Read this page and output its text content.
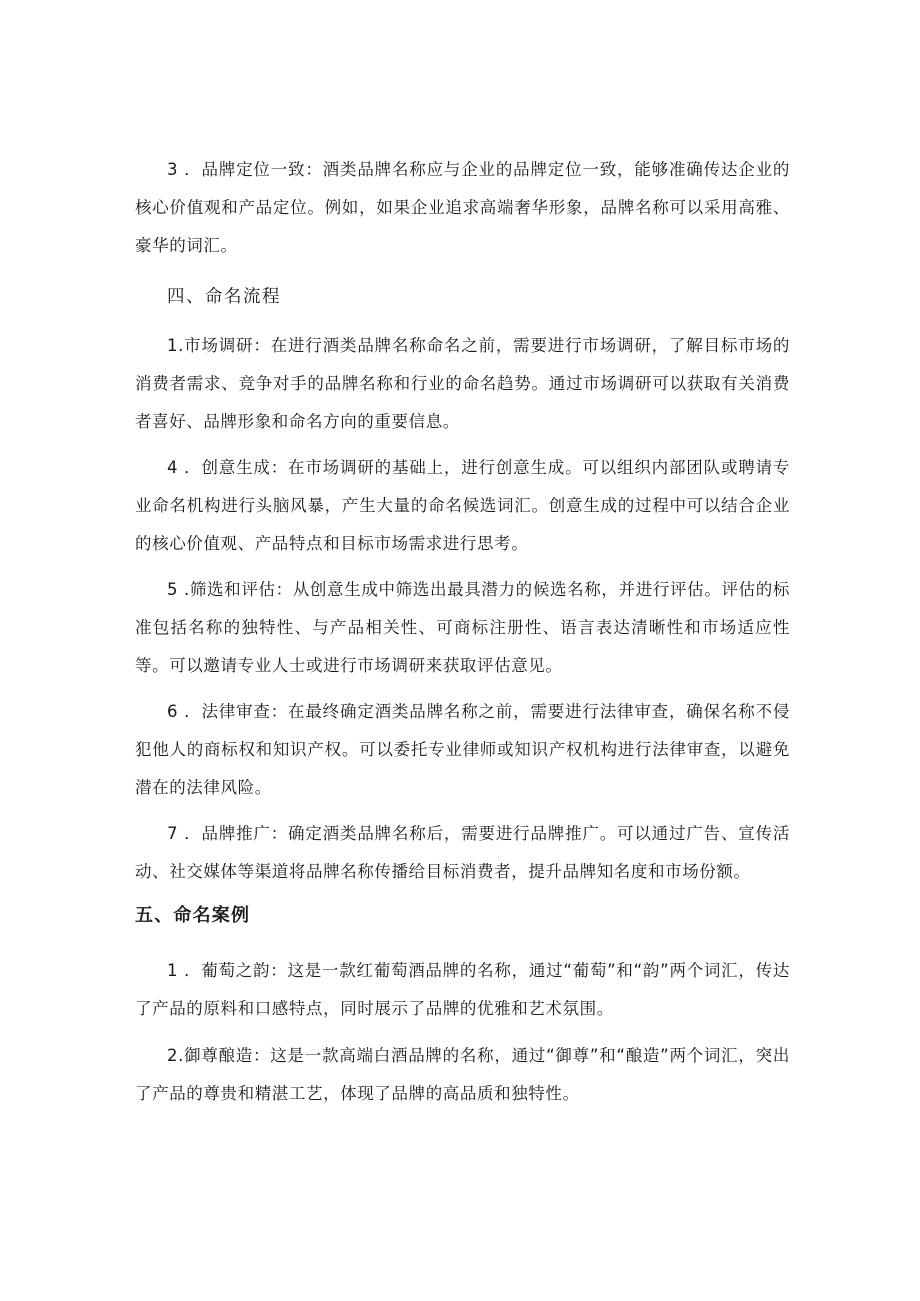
3 ．品牌定位一致：酒类品牌名称应与企业的品牌定位一致，能够准确传达企业的核心价值观和产品定位。例如，如果企业追求高端奢华形象，品牌名称可以采用高雅、豪华的词汇。

四、命名流程

1.市场调研：在进行酒类品牌名称命名之前，需要进行市场调研，了解目标市场的消费者需求、竞争对手的品牌名称和行业的命名趋势。通过市场调研可以获取有关消费者喜好、品牌形象和命名方向的重要信息。

4 ．创意生成：在市场调研的基础上，进行创意生成。可以组织内部团队或聘请专业命名机构进行头脑风暴，产生大量的命名候选词汇。创意生成的过程中可以结合企业的核心价值观、产品特点和目标市场需求进行思考。

5 .筛选和评估：从创意生成中筛选出最具潜力的候选名称，并进行评估。评估的标准包括名称的独特性、与产品相关性、可商标注册性、语言表达清晰性和市场适应性等。可以邀请专业人士或进行市场调研来获取评估意见。

6 ．法律审查：在最终确定酒类品牌名称之前，需要进行法律审查，确保名称不侵犯他人的商标权和知识产权。可以委托专业律师或知识产权机构进行法律审查，以避免潜在的法律风险。

7 ．品牌推广：确定酒类品牌名称后，需要进行品牌推广。可以通过广告、宣传活动、社交媒体等渠道将品牌名称传播给目标消费者，提升品牌知名度和市场份额。

五、命名案例

1 ．葡萄之韵：这是一款红葡萄酒品牌的名称，通过“葡萄”和“韵”两个词汇，传达了产品的原料和口感特点，同时展示了品牌的优雅和艺术氛围。

2.御尊酿造：这是一款高端白酒品牌的名称，通过“御尊”和“酿造”两个词汇，突出了产品的尊贵和精湛工艺，体现了品牌的高品质和独特性。
